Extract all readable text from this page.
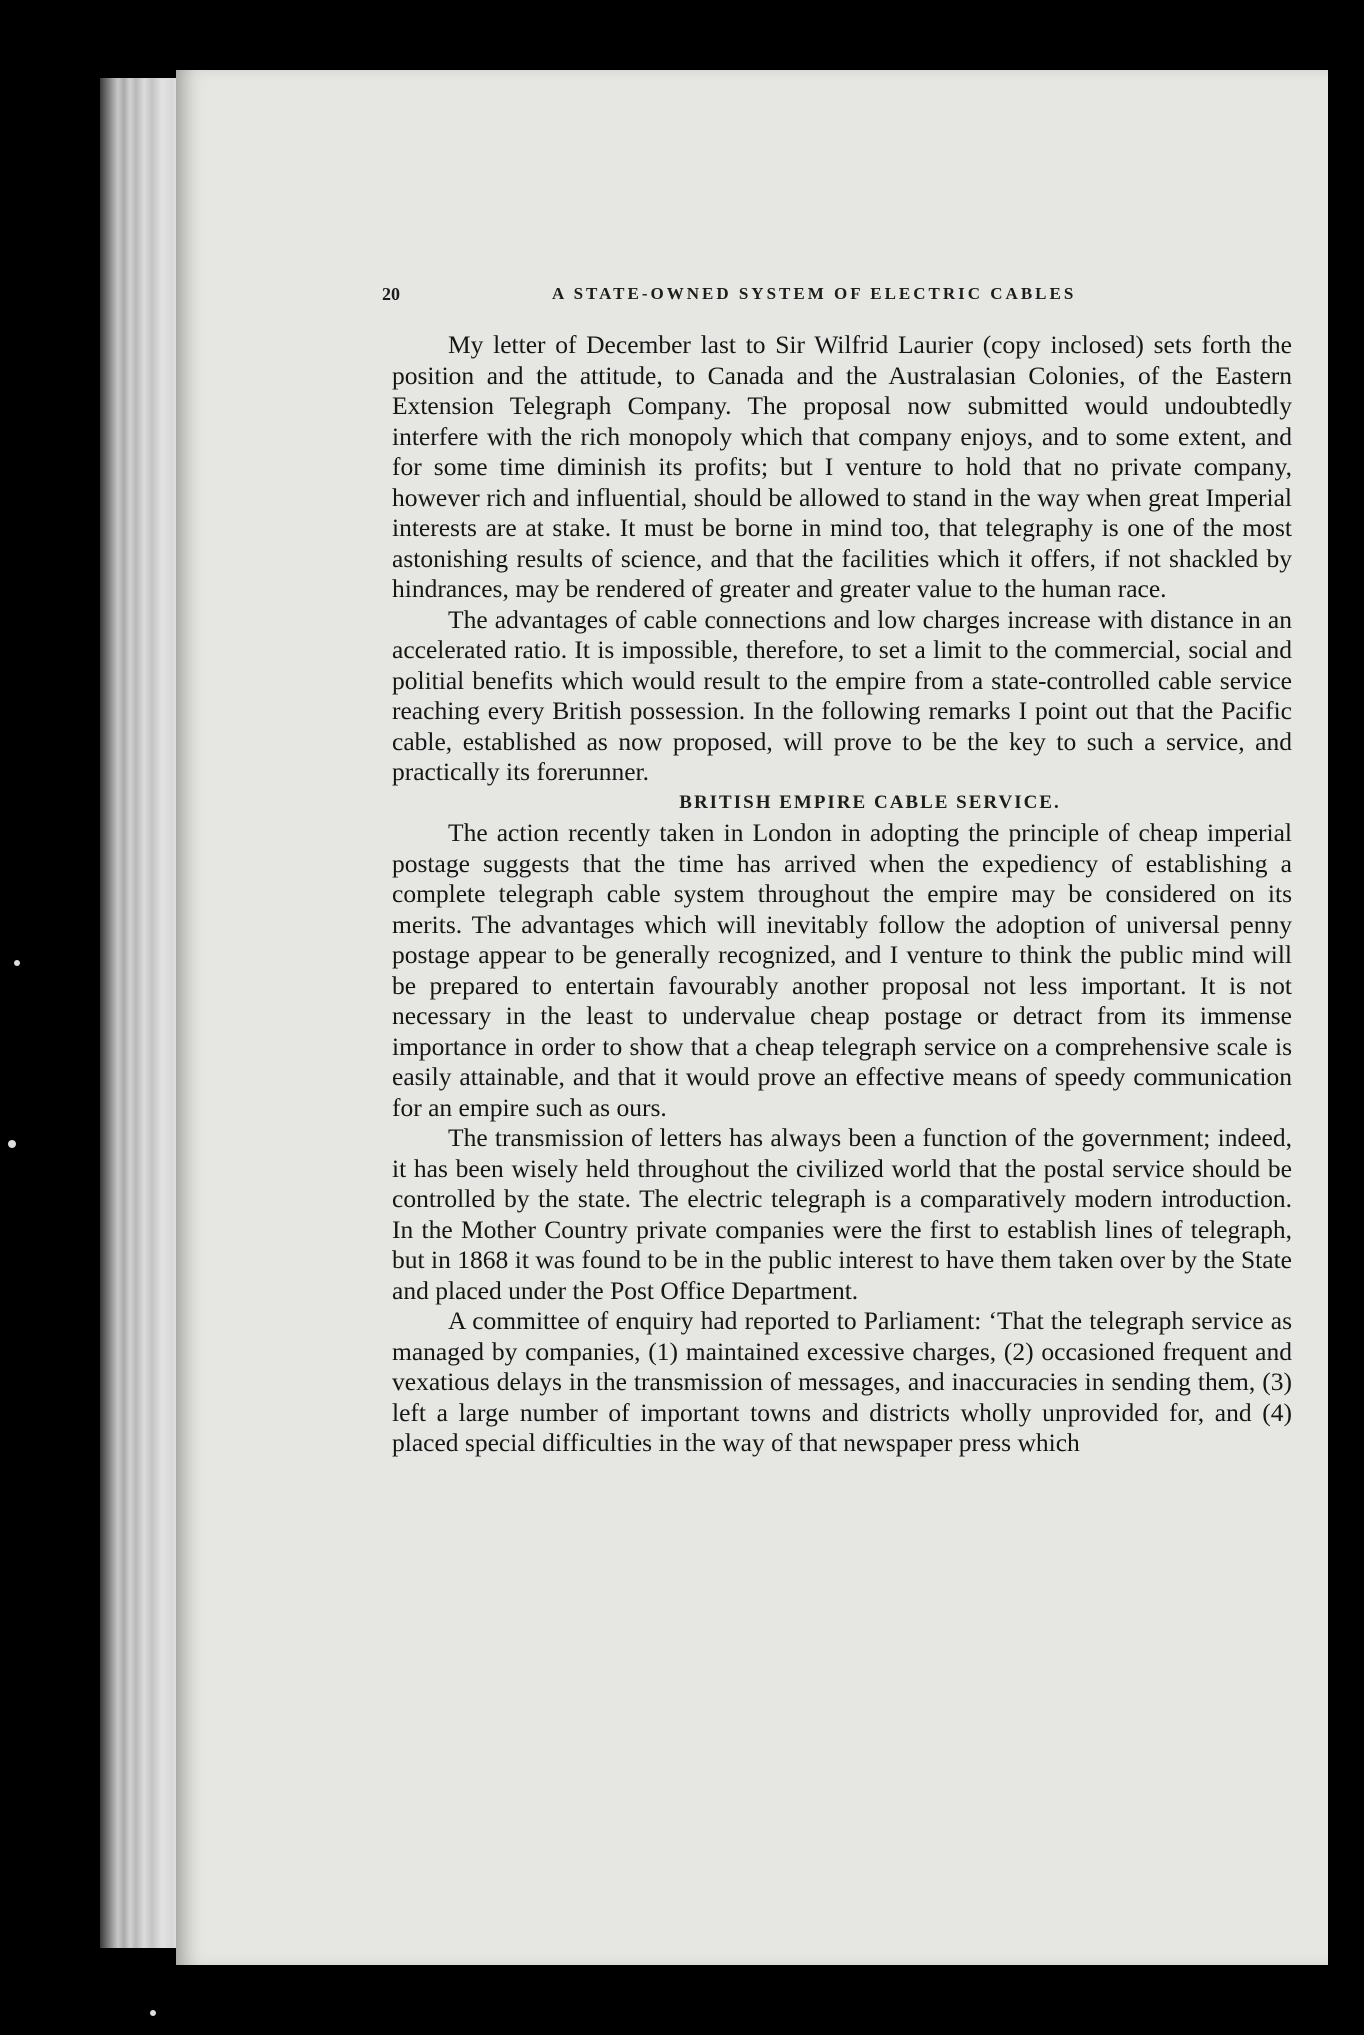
20	A STATE-OWNED SYSTEM OF ELECTRIC CABLES

My letter of December last to Sir Wilfrid Laurier (copy inclosed) sets forth the position and the attitude, to Canada and the Australasian Colonies, of the Eastern Extension Telegraph Company. The proposal now submitted would undoubtedly interfere with the rich monopoly which that company enjoys, and to some extent, and for some time diminish its profits; but I venture to hold that no private company, however rich and influential, should be allowed to stand in the way when great Imperial interests are at stake. It must be borne in mind too, that telegraphy is one of the most astonishing results of science, and that the facilities which it offers, if not shackled by hindrances, may be rendered of greater and greater value to the human race.

The advantages of cable connections and low charges increase with distance in an accelerated ratio. It is impossible, therefore, to set a limit to the commercial, social and politial benefits which would result to the empire from a state-controlled cable service reaching every British possession. In the following remarks I point out that the Pacific cable, established as now proposed, will prove to be the key to such a service, and practically its forerunner.

BRITISH EMPIRE CABLE SERVICE.

The action recently taken in London in adopting the principle of cheap imperial postage suggests that the time has arrived when the expediency of establishing a complete telegraph cable system throughout the empire may be considered on its merits. The advantages which will inevitably follow the adoption of universal penny postage appear to be generally recognized, and I venture to think the public mind will be prepared to entertain favourably another proposal not less important. It is not necessary in the least to undervalue cheap postage or detract from its immense importance in order to show that a cheap telegraph service on a comprehensive scale is easily attainable, and that it would prove an effective means of speedy communication for an empire such as ours.

The transmission of letters has always been a function of the government; indeed, it has been wisely held throughout the civilized world that the postal service should be controlled by the state. The electric telegraph is a comparatively modern introduction. In the Mother Country private companies were the first to establish lines of telegraph, but in 1868 it was found to be in the public interest to have them taken over by the State and placed under the Post Office Department.

A committee of enquiry had reported to Parliament: ‘That the telegraph service as managed by companies, (1) maintained excessive charges, (2) occasioned frequent and vexatious delays in the transmission of messages, and inaccuracies in sending them, (3) left a large number of important towns and districts wholly unprovided for, and (4) placed special difficulties in the way of that newspaper press which
